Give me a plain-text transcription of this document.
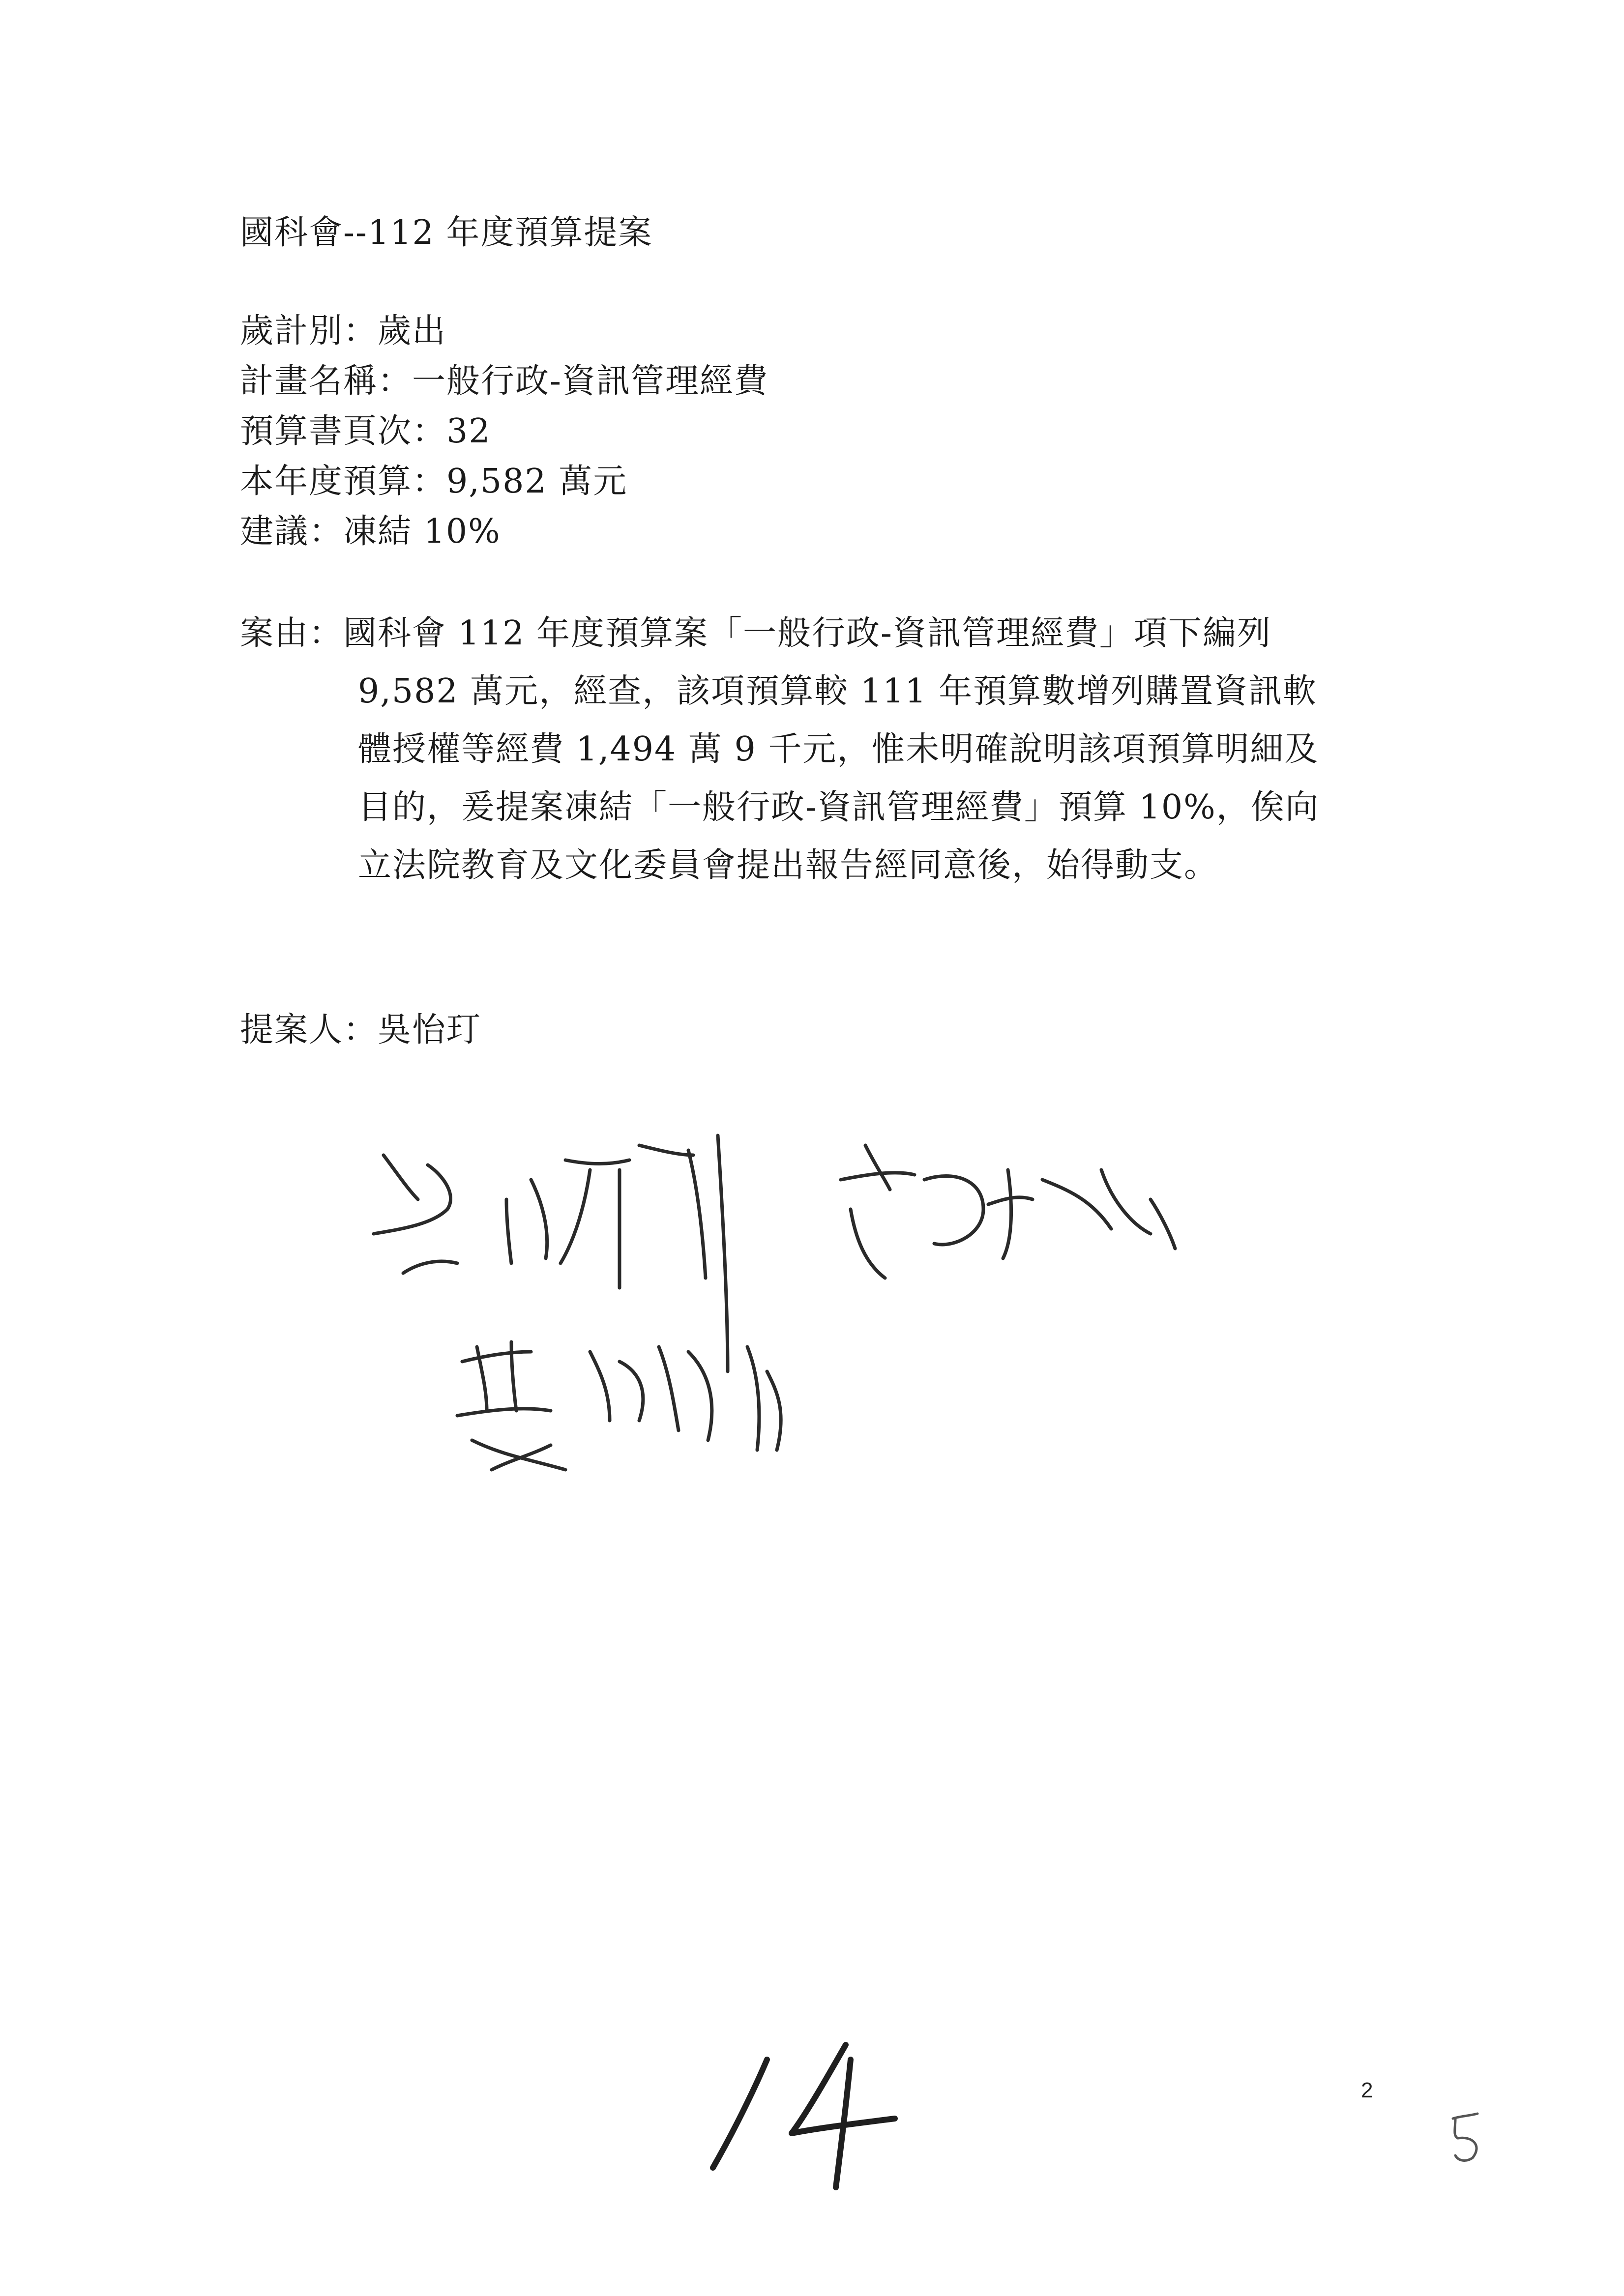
國科會--112 年度預算提案
歲計別：歲出
計畫名稱：一般行政-資訊管理經費
預算書頁次：32
本年度預算：9,582 萬元
建議：凍結 10%
案由：國科會 112 年度預算案「一般行政-資訊管理經費」項下編列
9,582 萬元，經查，該項預算較 111 年預算數增列購置資訊軟
體授權等經費 1,494 萬 9 千元，惟未明確說明該項預算明細及
目的，爰提案凍結「一般行政-資訊管理經費」預算 10%，俟向
立法院教育及文化委員會提出報告經同意後，始得動支。
提案人：吳怡玎
2
